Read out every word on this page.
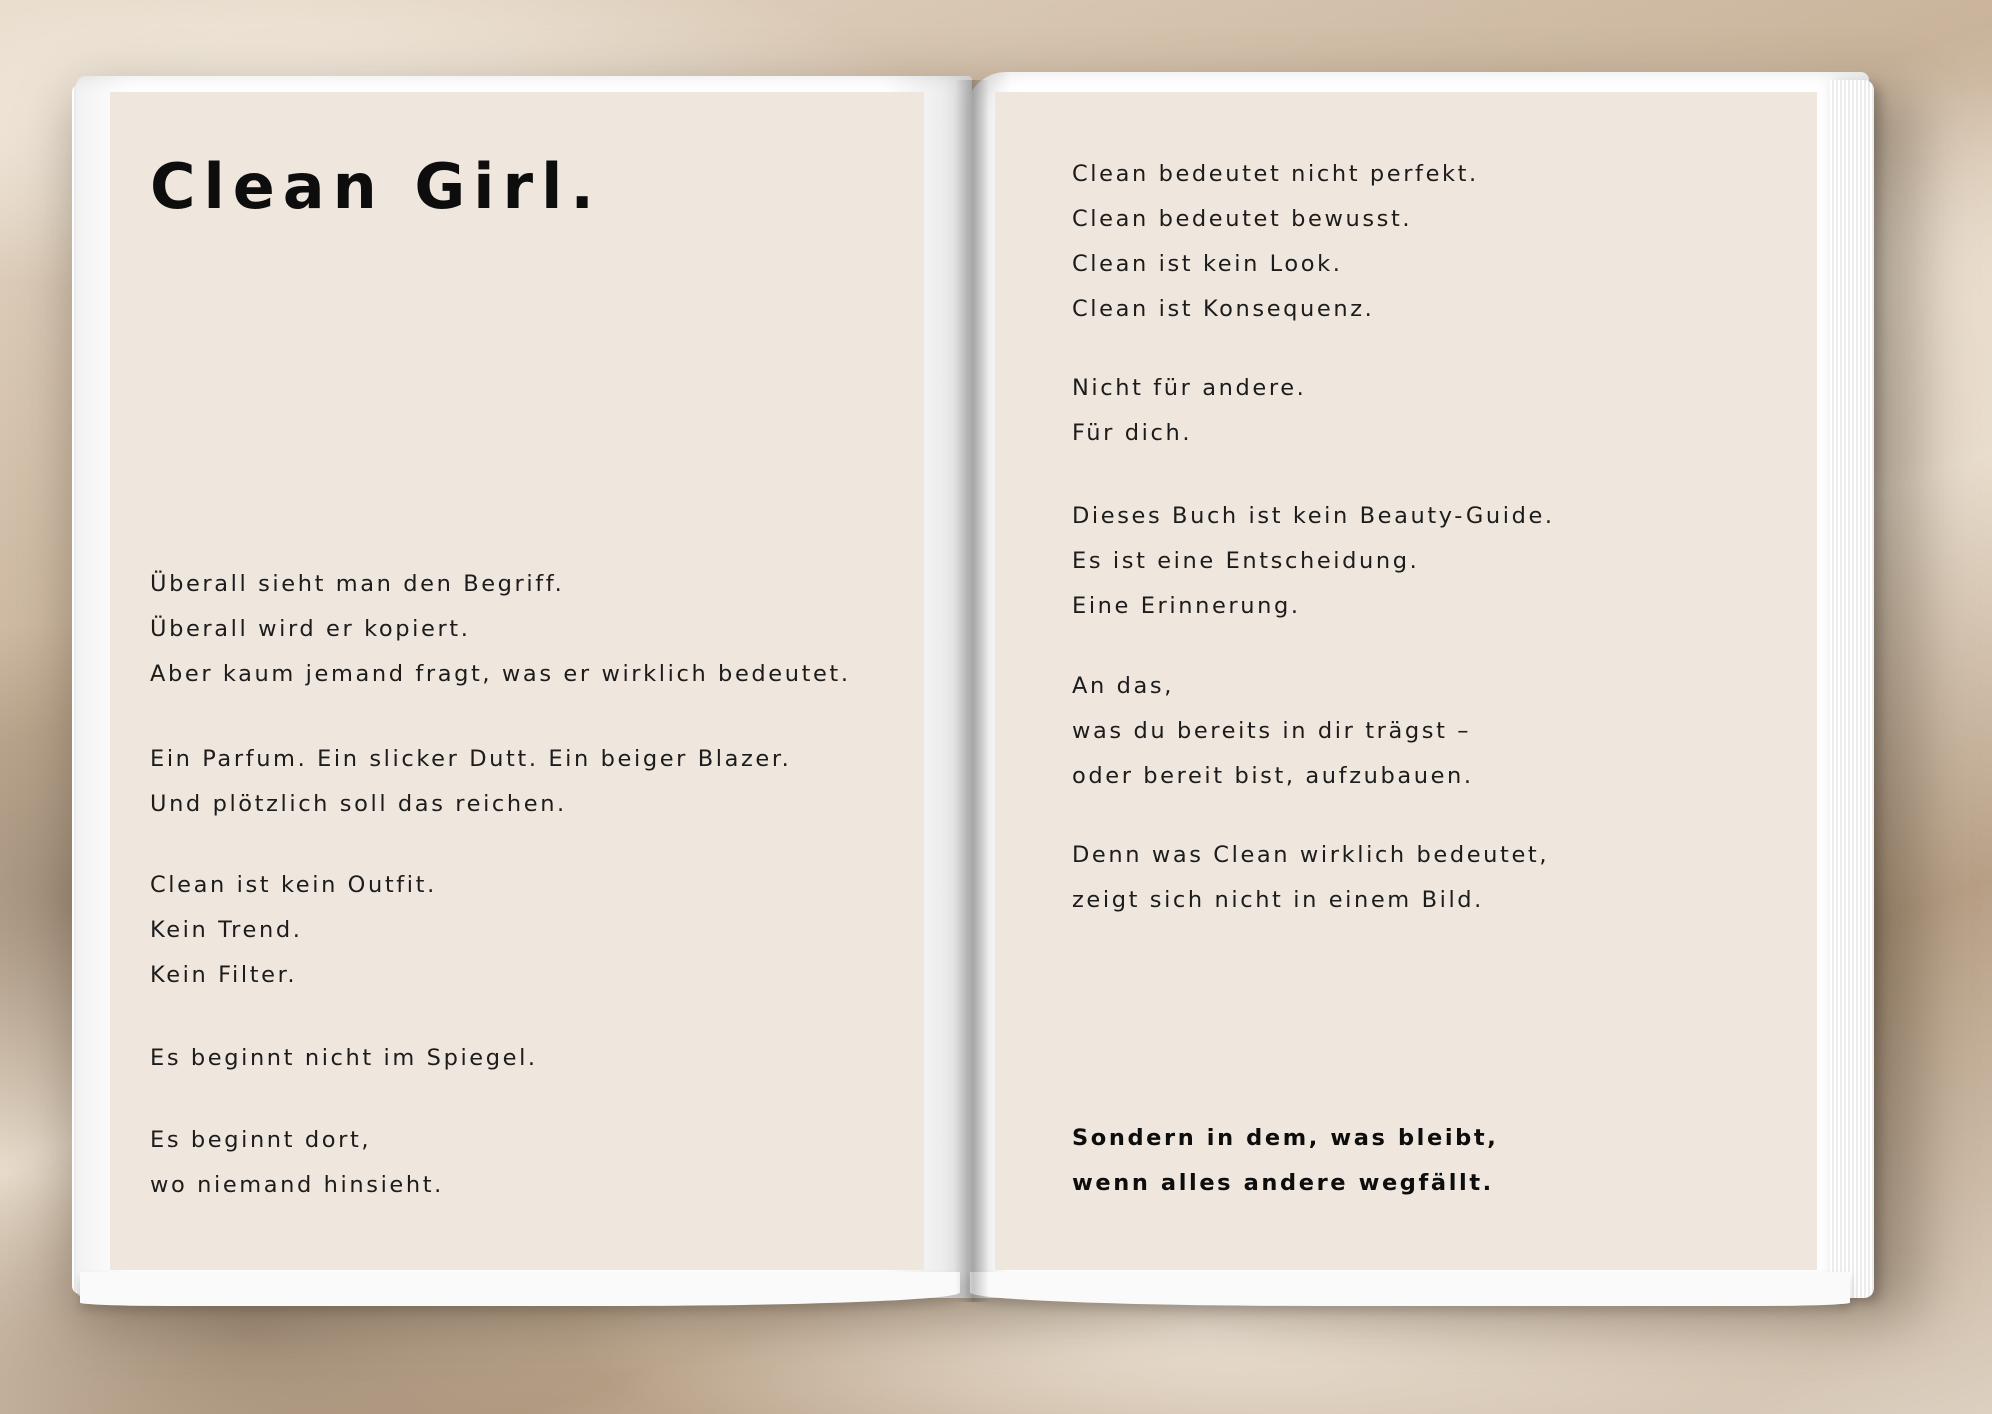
Clean Girl.

Überall sieht man den Begriff.
Überall wird er kopiert.
Aber kaum jemand fragt, was er wirklich bedeutet.

Ein Parfum. Ein slicker Dutt. Ein beiger Blazer.
Und plötzlich soll das reichen.

Clean ist kein Outfit.
Kein Trend.
Kein Filter.

Es beginnt nicht im Spiegel.

Es beginnt dort,
wo niemand hinsieht.

Clean bedeutet nicht perfekt.
Clean bedeutet bewusst.
Clean ist kein Look.
Clean ist Konsequenz.

Nicht für andere.
Für dich.

Dieses Buch ist kein Beauty-Guide.
Es ist eine Entscheidung.
Eine Erinnerung.

An das,
was du bereits in dir trägst –
oder bereit bist, aufzubauen.

Denn was Clean wirklich bedeutet,
zeigt sich nicht in einem Bild.

Sondern in dem, was bleibt,
wenn alles andere wegfällt.
